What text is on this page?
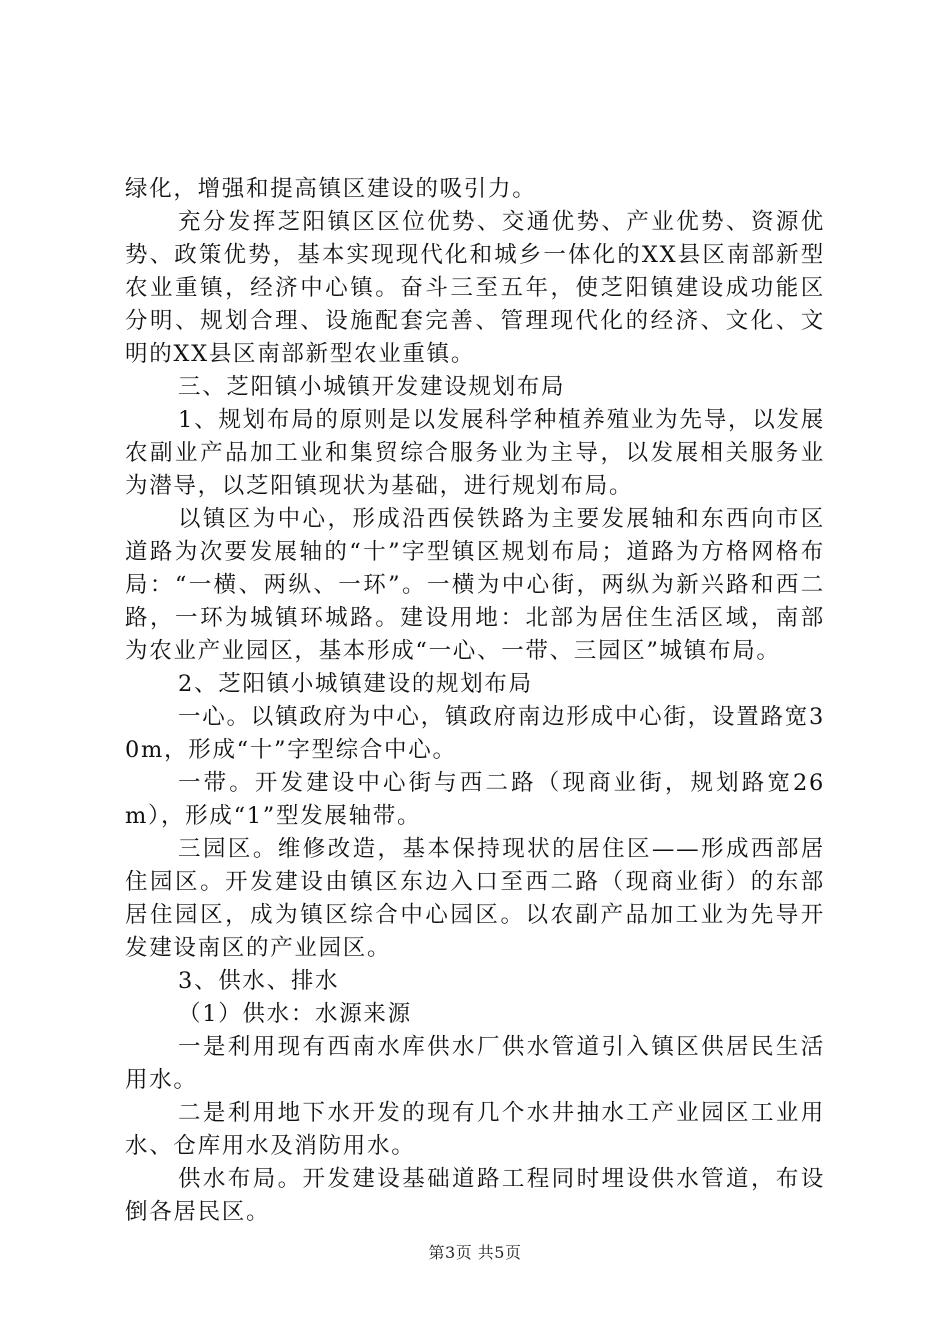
绿化，增强和提高镇区建设的吸引力。

充分发挥芝阳镇区区位优势、交通优势、产业优势、资源优势、政策优势，基本实现现代化和城乡一体化的XX县区南部新型农业重镇，经济中心镇。奋斗三至五年，使芝阳镇建设成功能区分明、规划合理、设施配套完善、管理现代化的经济、文化、文明的XX县区南部新型农业重镇。

三、芝阳镇小城镇开发建设规划布局

1、规划布局的原则是以发展科学种植养殖业为先导，以发展农副业产品加工业和集贸综合服务业为主导，以发展相关服务业为潜导，以芝阳镇现状为基础，进行规划布局。

以镇区为中心，形成沿西侯铁路为主要发展轴和东西向市区道路为次要发展轴的“十”字型镇区规划布局；道路为方格网格布局：“一横、两纵、一环”。一横为中心街，两纵为新兴路和西二路，一环为城镇环城路。建设用地：北部为居住生活区域，南部为农业产业园区，基本形成“一心、一带、三园区”城镇布局。

2、芝阳镇小城镇建设的规划布局

一心。以镇政府为中心，镇政府南边形成中心街，设置路宽30m，形成“十”字型综合中心。

一带。开发建设中心街与西二路（现商业街，规划路宽26m），形成“1”型发展轴带。

三园区。维修改造，基本保持现状的居住区——形成西部居住园区。开发建设由镇区东边入口至西二路（现商业街）的东部居住园区，成为镇区综合中心园区。以农副产品加工业为先导开发建设南区的产业园区。

3、供水、排水

（1）供水：水源来源

一是利用现有西南水库供水厂供水管道引入镇区供居民生活用水。

二是利用地下水开发的现有几个水井抽水工产业园区工业用水、仓库用水及消防用水。

供水布局。开发建设基础道路工程同时埋设供水管道，布设倒各居民区。

第3页 共5页
